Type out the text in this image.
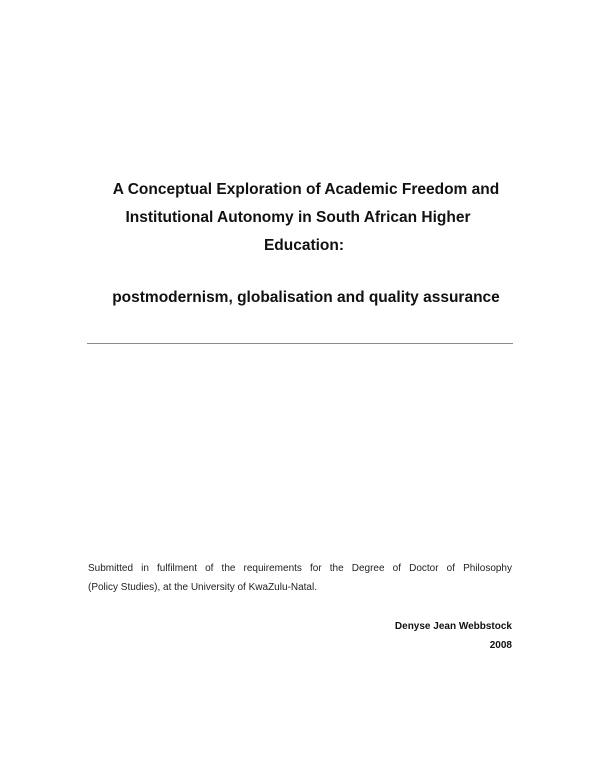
A Conceptual Exploration of Academic Freedom and
Institutional Autonomy in South African Higher
Education:
postmodernism, globalisation and quality assurance
Submitted in fulfilment of the requirements for the Degree of Doctor of Philosophy
(Policy Studies), at the University of KwaZulu-Natal.
Denyse Jean Webbstock
2008
